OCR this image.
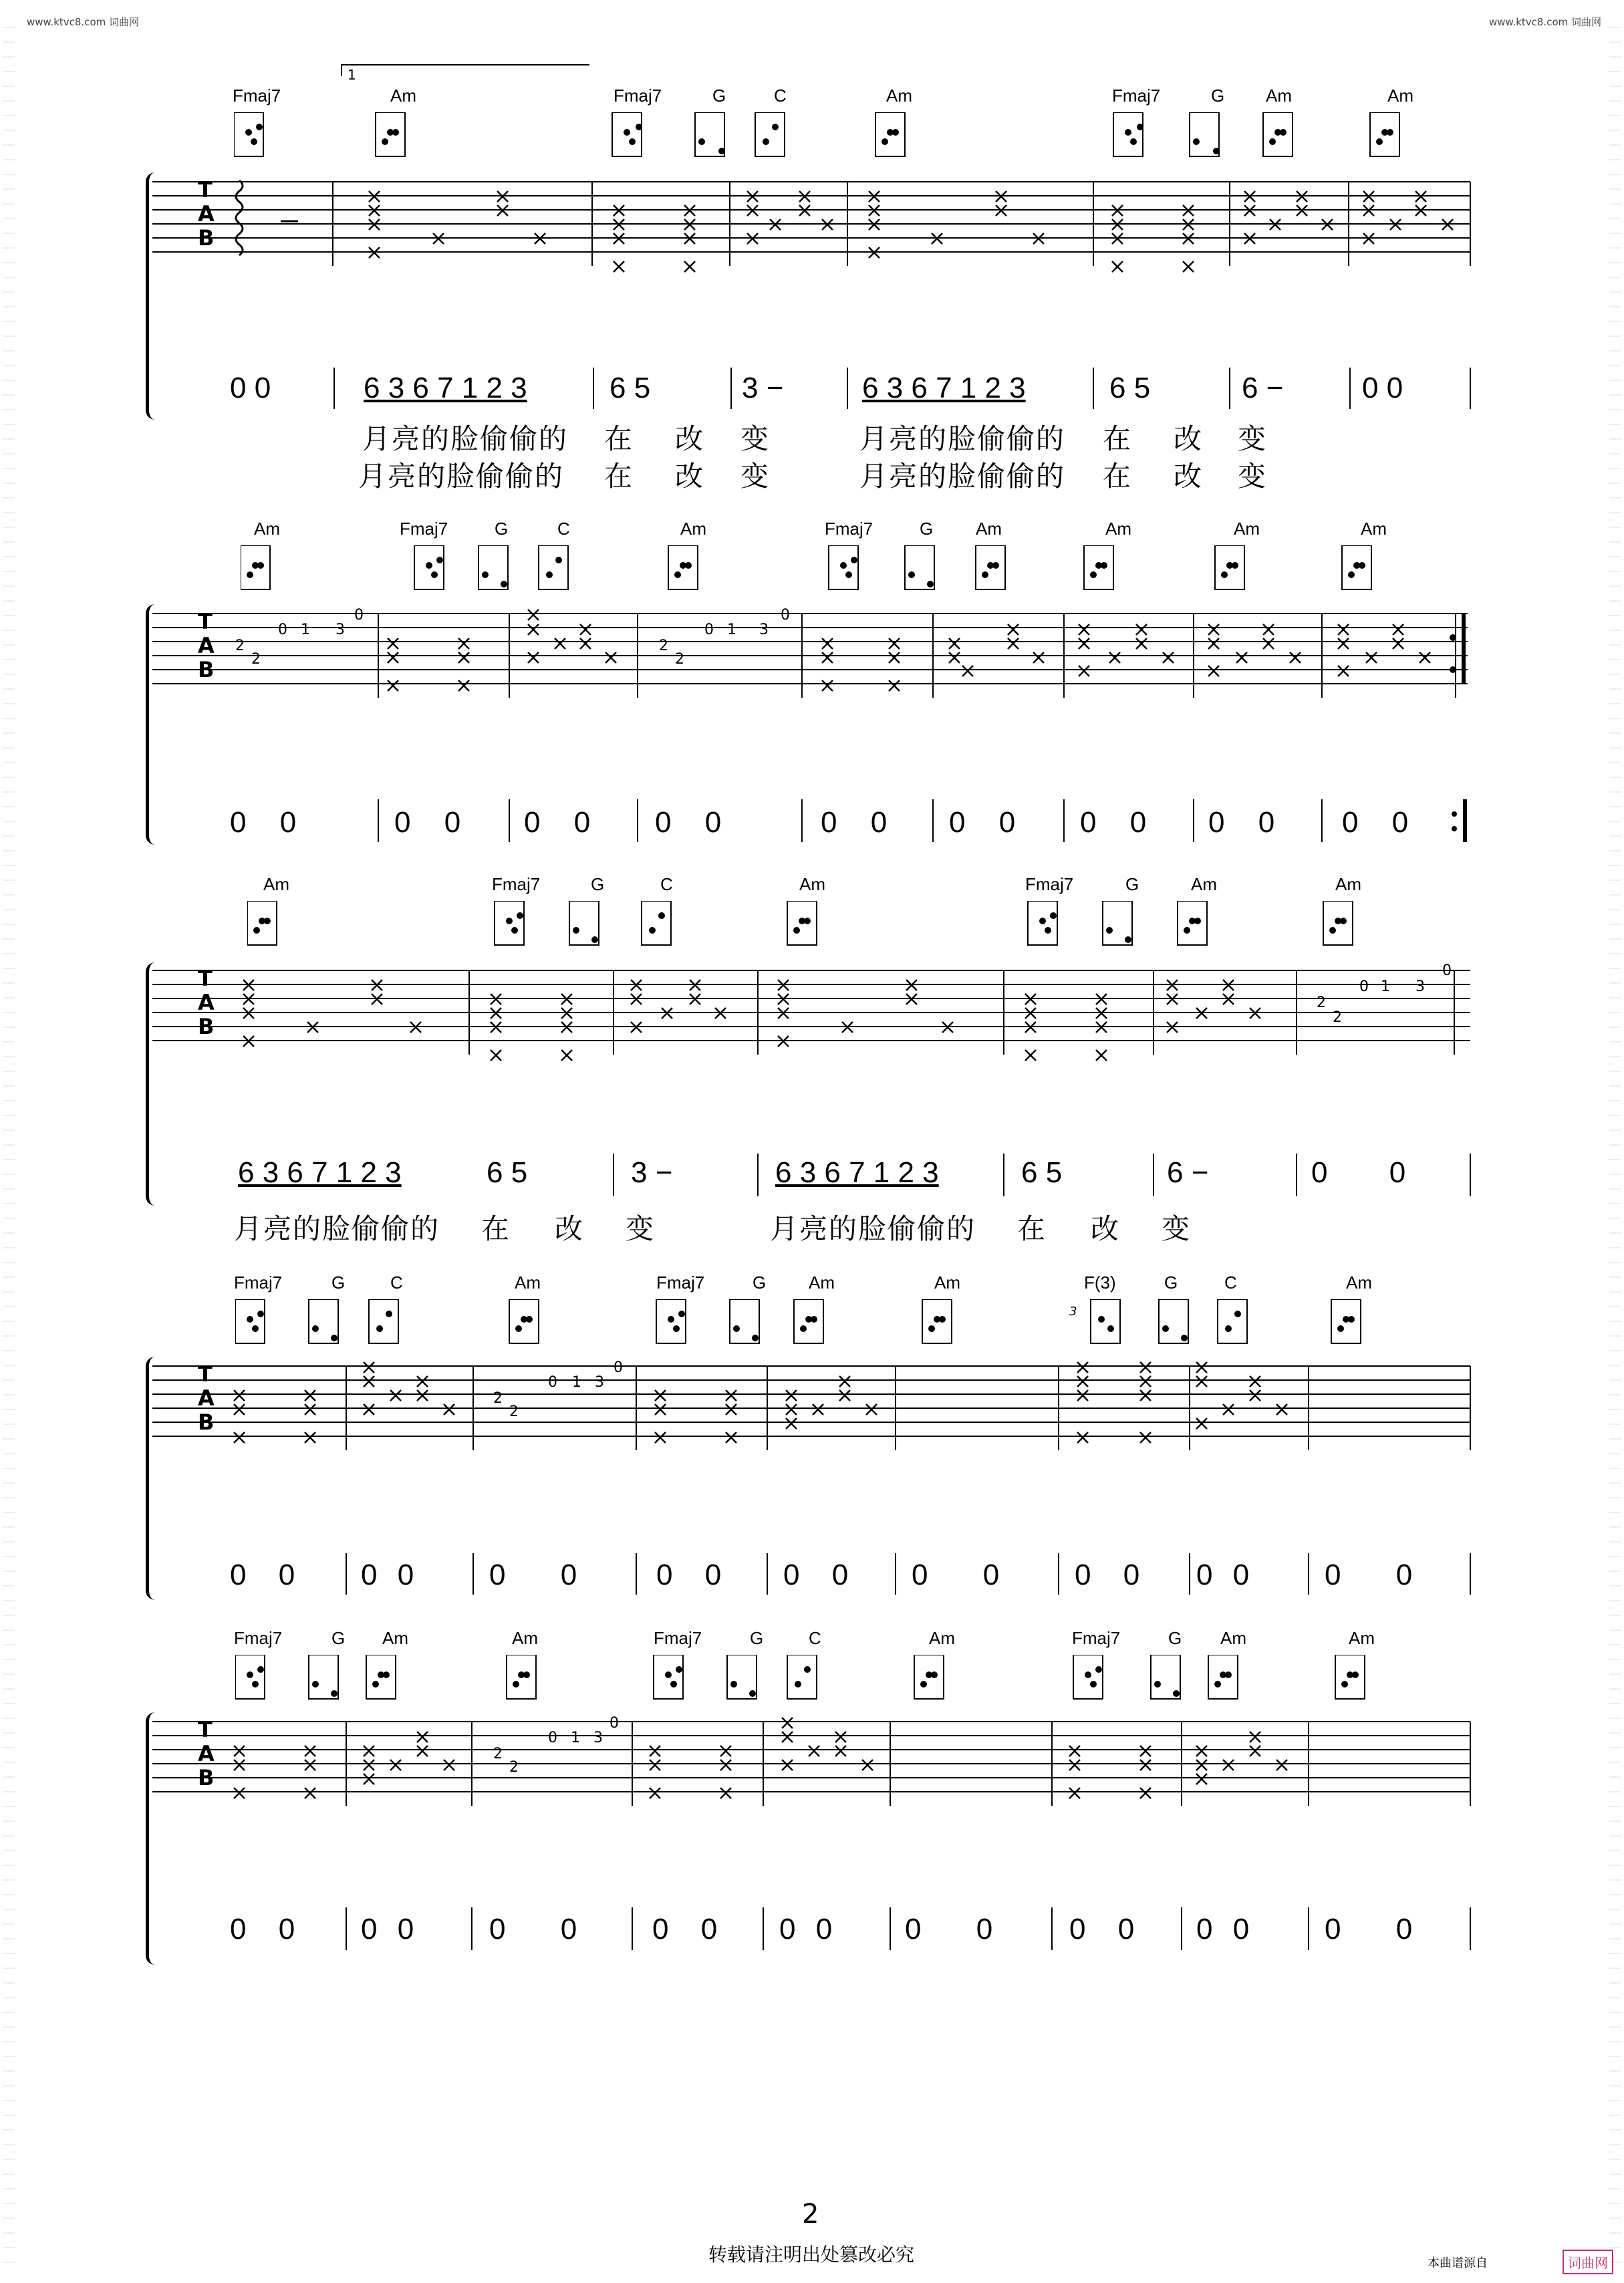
www.ktvc8.com 词曲网	www.ktvc8.com 词曲网
1
T
A
B
Fmaj7	Am	Fmaj7	G	C	Am	Fmaj7	G Am	Am
0 0	6 3 6 7 1 2 3	6 5	3 −	6 3 6 7 1 2 3	6 5	6 −	0 0
月亮的脸偷偷的 在 改 变	月亮的脸偷偷的 在 改 变
月亮的脸偷偷的 在 改 变	月亮的脸偷偷的 在 改 变
T
A
B
2
2
0 1 3
0
2
2
0 1 3
0
Am	Fmaj7	G	C	Am	Fmaj7	G Am	Am	Am	Am
0 0	0 0 0 0 0 0	0 0 0 0 0 0 0 0 0 0
T
A
B
2
2
0 1 3
0
Am	Fmaj7	G	C	Am	Fmaj7	G	Am	Am
6 3 6 7 1 2 3	6 5	3 −	6 3 6 7 1 2 3	6 5	6 −	0 0
月亮的脸偷偷的 在 改 变	月亮的脸偷偷的 在 改 变
T
A
B
2
2
0 1 3
0
3
Fmaj7	G	C	Am	Fmaj7	G Am	Am	F(3)	G	C	Am
0 0 0 0	0 0	0 0 0 0 0 0	0 0 0 0	0 0
T
A
B
2
2
0 1 3
0
Fmaj7	G Am	Am	Fmaj7	G	C	Am	Fmaj7	G Am	Am
0 0 0 0	0 0	0 0 0 0 0 0	0 0 0 0	0 0
2
转载请注明出处篡改必究	本曲谱源自	词曲网
